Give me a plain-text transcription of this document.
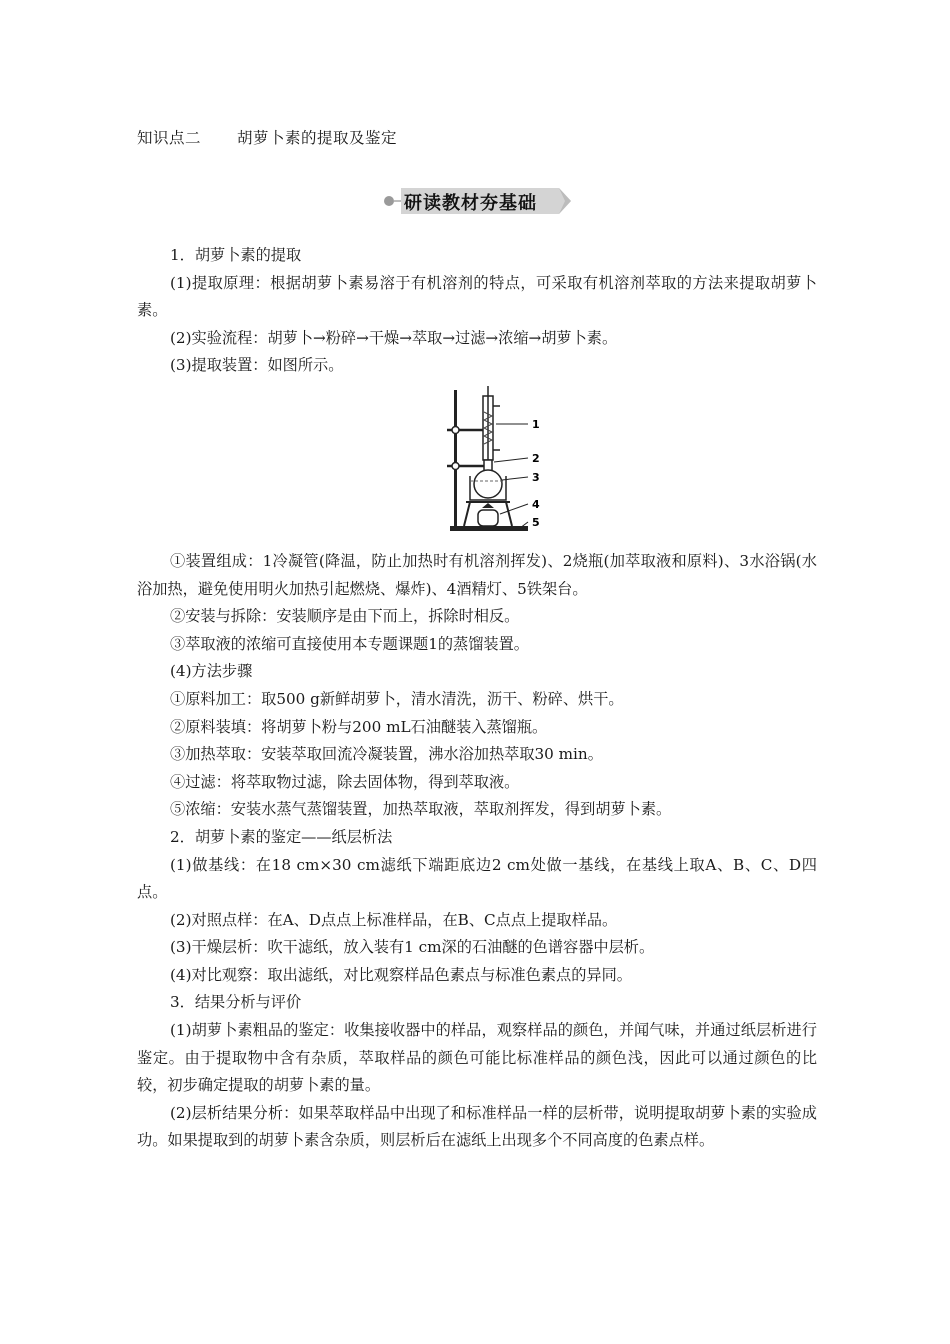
知识点二 胡萝卜素的提取及鉴定
研读教材夯基础

1．胡萝卜素的提取

(1)提取原理：根据胡萝卜素易溶于有机溶剂的特点，可采取有机溶剂萃取的方法来提取胡萝卜素。

(2)实验流程：胡萝卜→粉碎→干燥→萃取→过滤→浓缩→胡萝卜素。

(3)提取装置：如图所示。

1
2
3
4
5

①装置组成：1冷凝管(降温，防止加热时有机溶剂挥发)、2烧瓶(加萃取液和原料)、3水浴锅(水浴加热，避免使用明火加热引起燃烧、爆炸)、4酒精灯、5铁架台。

②安装与拆除：安装顺序是由下而上，拆除时相反。

③萃取液的浓缩可直接使用本专题课题1的蒸馏装置。

(4)方法步骤

①原料加工：取500 g新鲜胡萝卜，清水清洗，沥干、粉碎、烘干。

②原料装填：将胡萝卜粉与200 mL石油醚装入蒸馏瓶。

③加热萃取：安装萃取回流冷凝装置，沸水浴加热萃取30 min。

④过滤：将萃取物过滤，除去固体物，得到萃取液。

⑤浓缩：安装水蒸气蒸馏装置，加热萃取液，萃取剂挥发，得到胡萝卜素。

2．胡萝卜素的鉴定——纸层析法

(1)做基线：在18 cm×30 cm滤纸下端距底边2 cm处做一基线，在基线上取A、B、C、D四点。

(2)对照点样：在A、D点点上标准样品，在B、C点点上提取样品。

(3)干燥层析：吹干滤纸，放入装有1 cm深的石油醚的色谱容器中层析。

(4)对比观察：取出滤纸，对比观察样品色素点与标准色素点的异同。

3．结果分析与评价

(1)胡萝卜素粗品的鉴定：收集接收器中的样品，观察样品的颜色，并闻气味，并通过纸层析进行鉴定。由于提取物中含有杂质，萃取样品的颜色可能比标准样品的颜色浅，因此可以通过颜色的比较，初步确定提取的胡萝卜素的量。

(2)层析结果分析：如果萃取样品中出现了和标准样品一样的层析带，说明提取胡萝卜素的实验成功。如果提取到的胡萝卜素含杂质，则层析后在滤纸上出现多个不同高度的色素点样。
